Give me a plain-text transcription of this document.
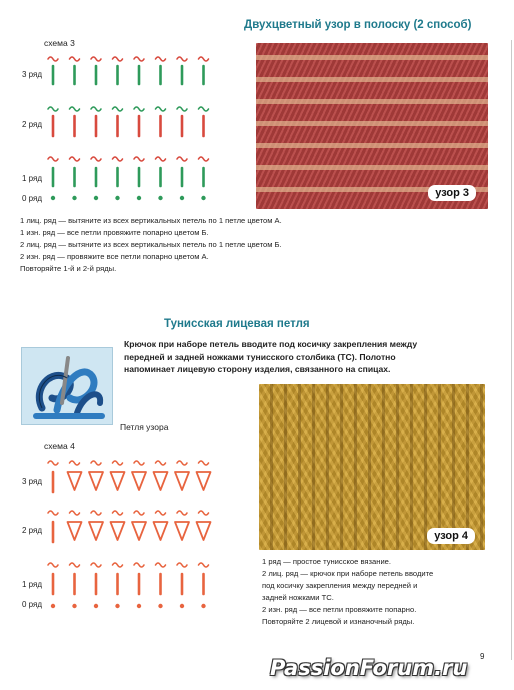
Двухцветный узор в полоску (2 способ)
схема 3
3 ряд
2 ряд
1 ряд
0 ряд	узор 3
1 лиц. ряд — вытяните из всех вертикальных петель по 1 петле цветом А.
1 изн. ряд — все петли провяжите попарно цветом Б.
2 лиц. ряд — вытяните из всех вертикальных петель по 1 петле цветом Б.
2 изн. ряд — провяжите все петли попарно цветом А.
Повторяйте 1-й и 2-й ряды.
Тунисская лицевая петля
Крючок при наборе петель вводите под косичку закрепления между
передней и задней ножками тунисского столбика (ТС). Полотно
напоминает лицевую сторону изделия, связанного на спицах.
Петля узора
схема 4
3 ряд
2 ряд
1 ряд
0 ряд
узор 4
1 ряд — простое тунисское вязание.
2 лиц. ряд — крючок при наборе петель вводите
под косичку закрепления между передней и
задней ножками ТС.
2 изн. ряд — все петли провяжите попарно.
Повторяйте 2 лицевой и изнаночный ряды.
9
PassionForum.ru
